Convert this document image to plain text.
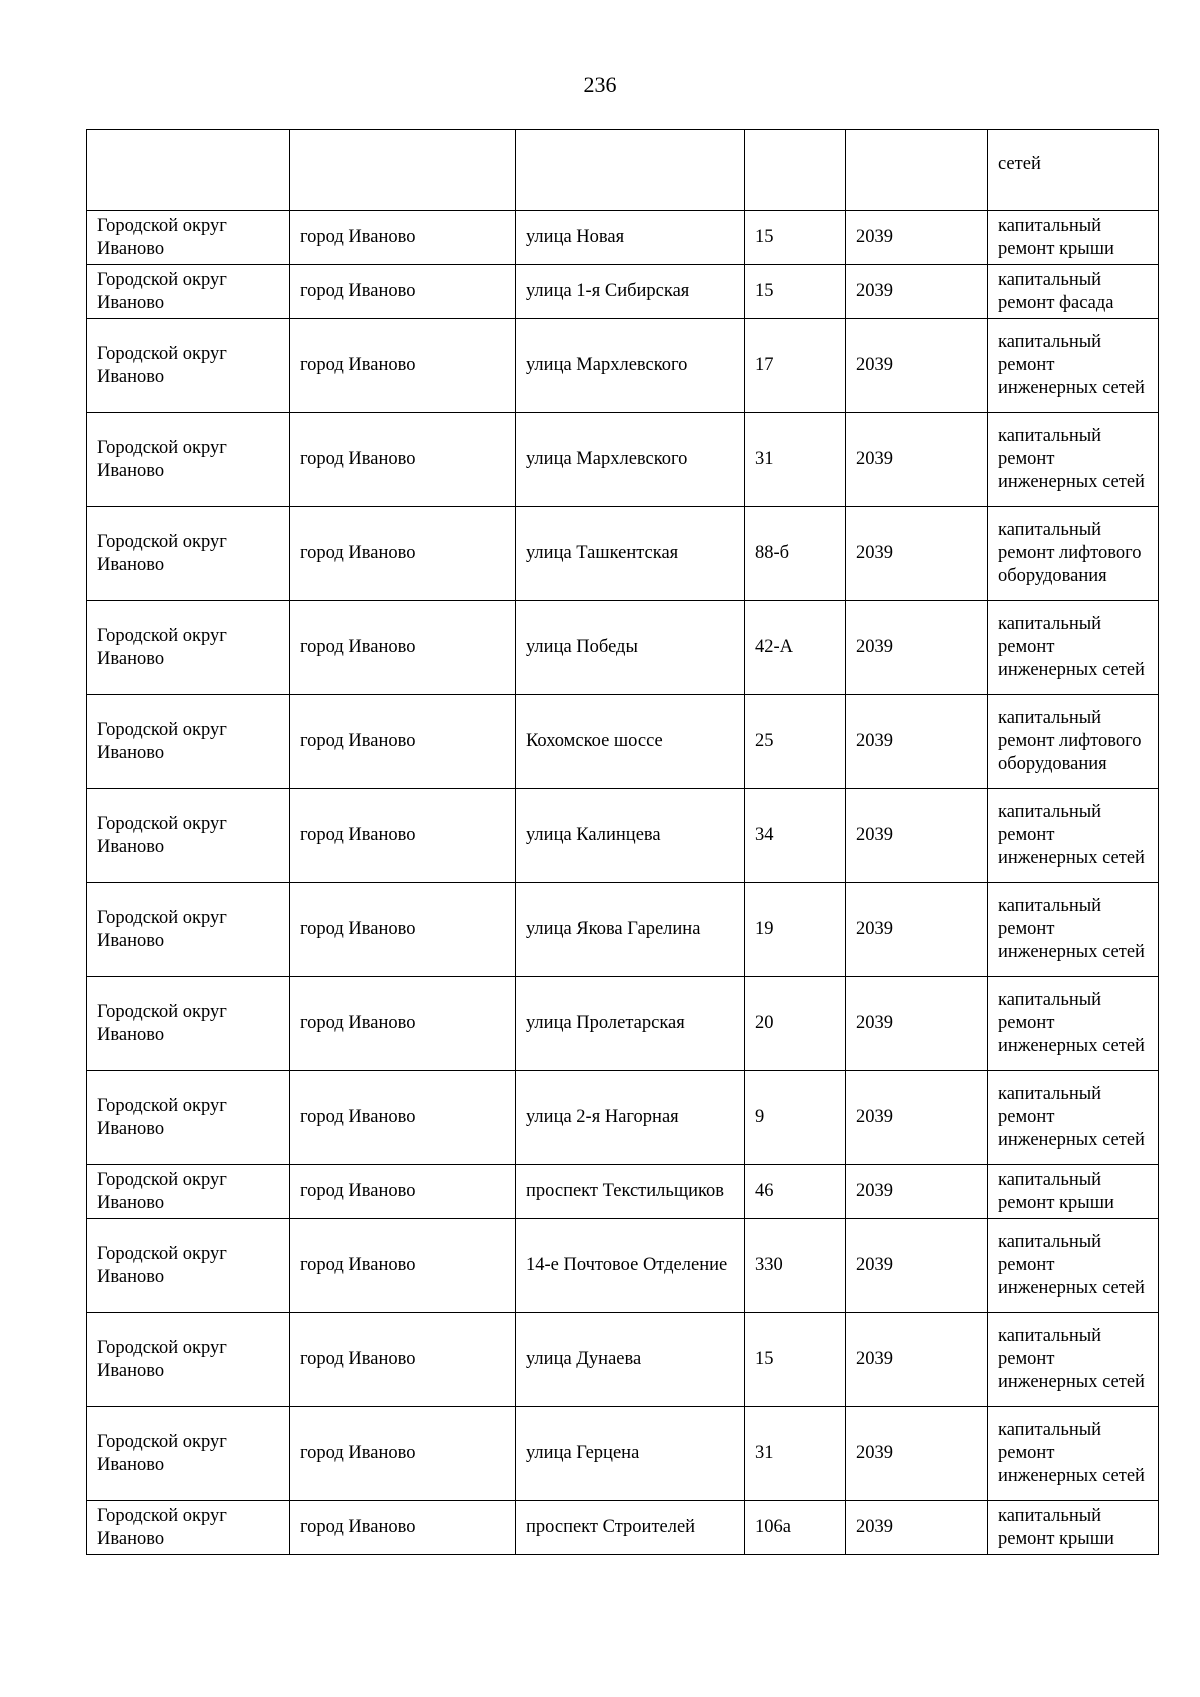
236
					сетей
Городской округ Иваново	город Иваново	улица Новая	15	2039	капитальный ремонт крыши
Городской округ Иваново	город Иваново	улица 1-я Сибирская	15	2039	капитальный ремонт фасада
Городской округ Иваново	город Иваново	улица Мархлевского	17	2039	капитальный ремонт инженерных сетей
Городской округ Иваново	город Иваново	улица Мархлевского	31	2039	капитальный ремонт инженерных сетей
Городской округ Иваново	город Иваново	улица Ташкентская	88-б	2039	капитальный ремонт лифтового оборудования
Городской округ Иваново	город Иваново	улица Победы	42-А	2039	капитальный ремонт инженерных сетей
Городской округ Иваново	город Иваново	Кохомское шоссе	25	2039	капитальный ремонт лифтового оборудования
Городской округ Иваново	город Иваново	улица Калинцева	34	2039	капитальный ремонт инженерных сетей
Городской округ Иваново	город Иваново	улица Якова Гарелина	19	2039	капитальный ремонт инженерных сетей
Городской округ Иваново	город Иваново	улица Пролетарская	20	2039	капитальный ремонт инженерных сетей
Городской округ Иваново	город Иваново	улица 2-я Нагорная	9	2039	капитальный ремонт инженерных сетей
Городской округ Иваново	город Иваново	проспект Текстильщиков	46	2039	капитальный ремонт крыши
Городской округ Иваново	город Иваново	14-е Почтовое Отделение	330	2039	капитальный ремонт инженерных сетей
Городской округ Иваново	город Иваново	улица Дунаева	15	2039	капитальный ремонт инженерных сетей
Городской округ Иваново	город Иваново	улица Герцена	31	2039	капитальный ремонт инженерных сетей
Городской округ Иваново	город Иваново	проспект Строителей	106а	2039	капитальный ремонт крыши
